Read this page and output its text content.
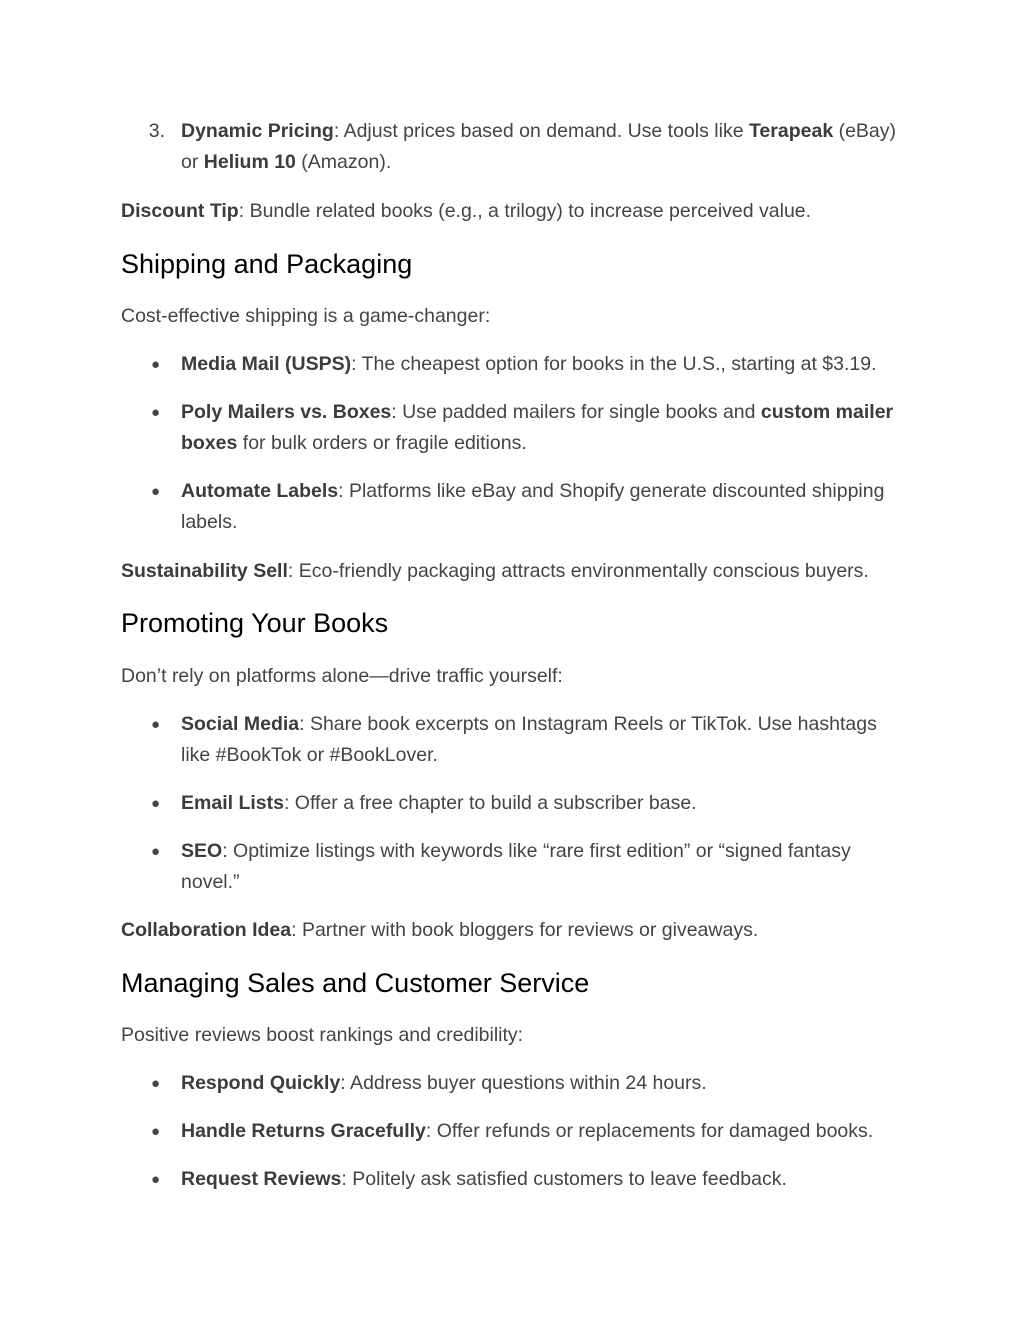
3. Dynamic Pricing: Adjust prices based on demand. Use tools like Terapeak (eBay) or Helium 10 (Amazon).
Discount Tip: Bundle related books (e.g., a trilogy) to increase perceived value.
Shipping and Packaging
Cost-effective shipping is a game-changer:
●	Media Mail (USPS): The cheapest option for books in the U.S., starting at $3.19.
●	Poly Mailers vs. Boxes: Use padded mailers for single books and custom mailer boxes for bulk orders or fragile editions.
●	Automate Labels: Platforms like eBay and Shopify generate discounted shipping labels.
Sustainability Sell: Eco-friendly packaging attracts environmentally conscious buyers.
Promoting Your Books
Don’t rely on platforms alone—drive traffic yourself:
●	Social Media: Share book excerpts on Instagram Reels or TikTok. Use hashtags like #BookTok or #BookLover.
●	Email Lists: Offer a free chapter to build a subscriber base.
●	SEO: Optimize listings with keywords like “rare first edition” or “signed fantasy novel.”
Collaboration Idea: Partner with book bloggers for reviews or giveaways.
Managing Sales and Customer Service
Positive reviews boost rankings and credibility:
●	Respond Quickly: Address buyer questions within 24 hours.
●	Handle Returns Gracefully: Offer refunds or replacements for damaged books.
●	Request Reviews: Politely ask satisfied customers to leave feedback.
